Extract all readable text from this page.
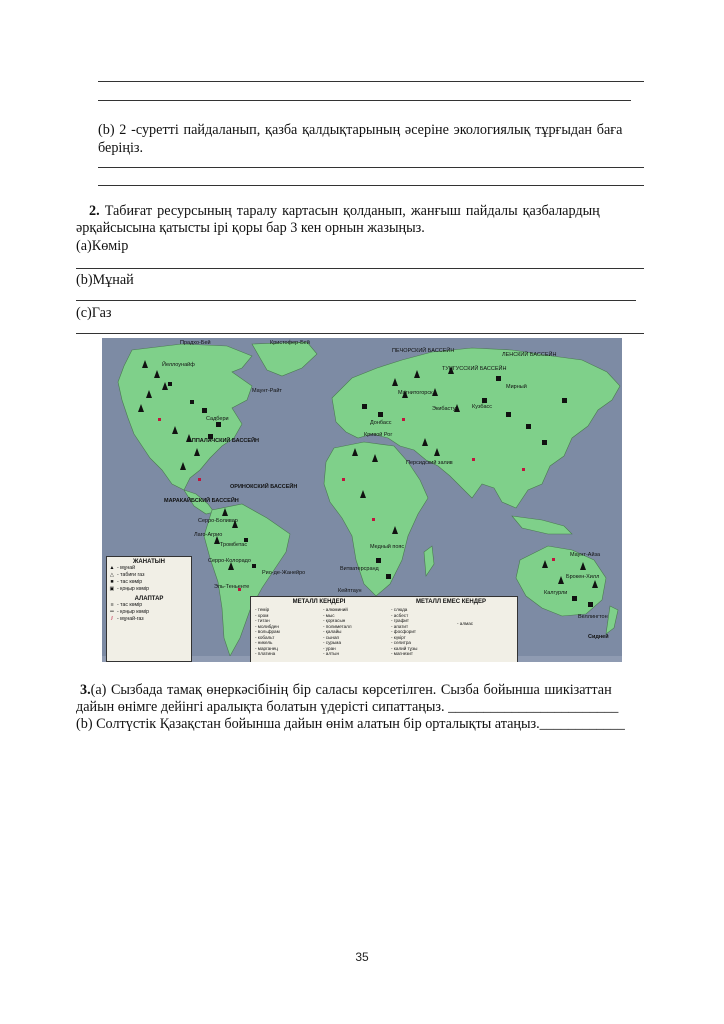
(b) 2 -суретті пайдаланып, қазба қалдықтарының әсеріне экологиялық тұрғыдан баға
беріңіз.
2. Табиғат ресурсының таралу картасын қолданып, жанғыш пайдалы қазбалардың
әрқайсысына қатысты ірі қоры бар 3 кен орнын жазыңыз.
(a)Көмір
(b)Мұнай
(c)Газ
Прадхо-Бей	Кристофер-Бей
ПЕЧОРСКИЙ БАССЕЙН
ЛЕНСКИЙ БАССЕЙН
ТУНГУССКИЙ БАССЕЙН
Йеллоунайф
Маунт-Райт
Садбери
АППАЛАЧСКИЙ БАССЕЙН
ОРИНОКСКИЙ БАССЕЙН
МАРАКАЙБСКИЙ БАССЕЙН
Серро-Боливар
Лаго-Агрио
Тромбетас
Серро-Колорадо
Рио-де-Жанейро
Эль-Теньенте
Магнитогорск
Экибастуз	Кузбасс
Мирный
Донбасс
Персидский залив
Кривой Рог
Медный пояс
Витватерсранд
Кейптаун
Маунт-Айза
Брокен-Хилл
Калгурли
Веллингтон
Сидней
ЖАНАТЫН
▲ - мұнай
△ - табиғи газ
■ - тас көмір
▣ - қоңыр көмір
АЛАПТАР
≡ - тас көмір
═ - қоңыр көмір
⫽ - мұнай-газ
МЕТАЛЛ КЕНДЕРІ	МЕТАЛЛ ЕМЕС КЕНДЕР
- темір
- хром
- титан
- молибден
- вольфрам
- кобальт
- никель
- марганец
- платина
- алюминий
- мыс
- қорғасын
- полиметалл
- қалайы
- сынап
- сурьма
- уран
- алтын
- слюда
- асбест
- графит
- апатит
- фосфорит
- күкірт
- селитра
- калий тұзы
- магнезит
- алмас
3.(a) Сызбада тамақ өнеркәсібінің бір саласы көрсетілген. Сызба бойынша шикізаттан
дайын өнімге дейінгі аралықта болатын үдерісті сипаттаңыз. ________________________
(b) Солтүстік Қазақстан бойынша дайын өнім алатын бір орталықты атаңыз.____________
35
